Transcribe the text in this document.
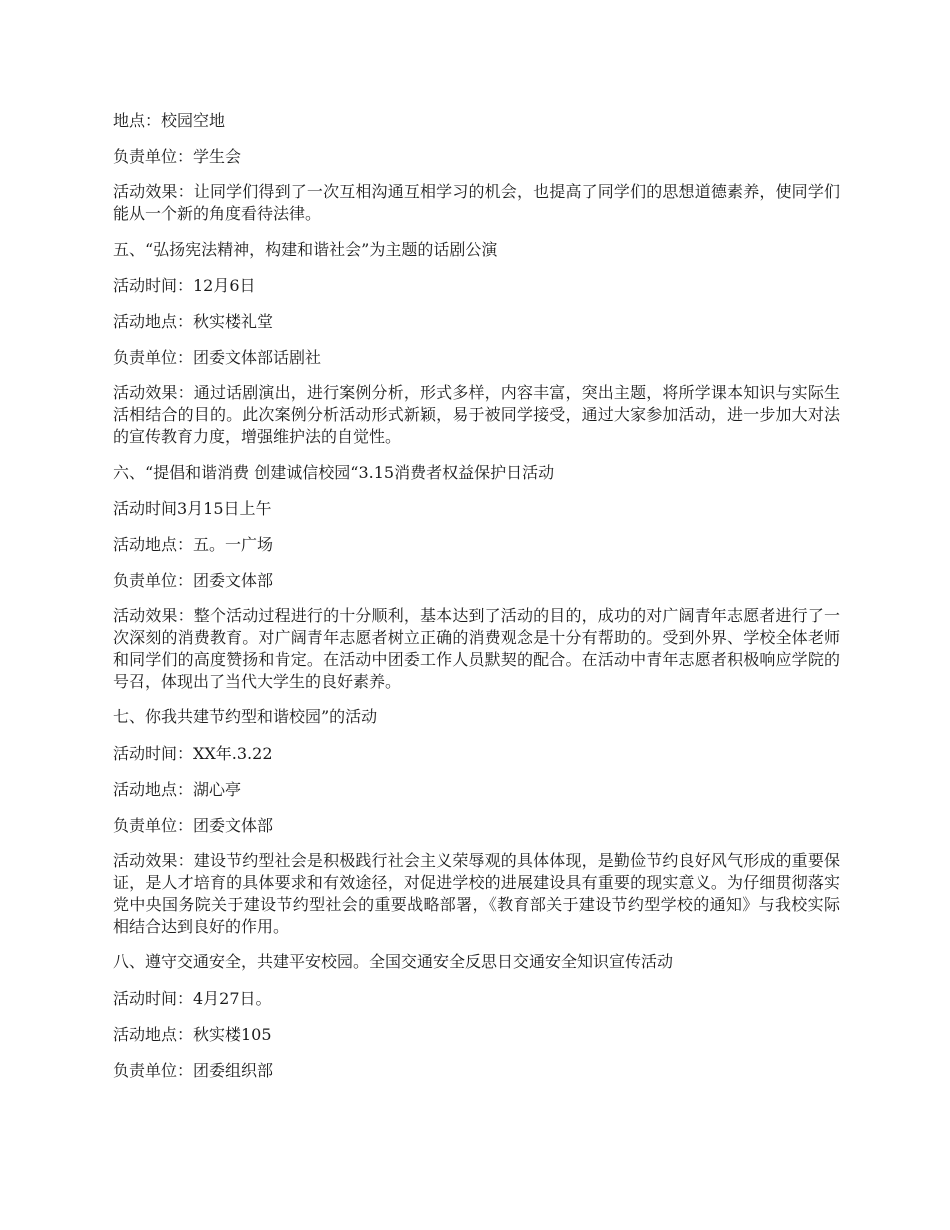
地点：校园空地

负责单位：学生会

活动效果：让同学们得到了一次互相沟通互相学习的机会，也提高了同学们的思想道德素养，使同学们能从一个新的角度看待法律。

五、“弘扬宪法精神，构建和谐社会”为主题的话剧公演

活动时间：12月6日

活动地点：秋实楼礼堂

负责单位：团委文体部话剧社

活动效果：通过话剧演出，进行案例分析，形式多样，内容丰富，突出主题，将所学课本知识与实际生活相结合的目的。此次案例分析活动形式新颖，易于被同学接受，通过大家参加活动，进一步加大对法的宣传教育力度，增强维护法的自觉性。

六、“提倡和谐消费 创建诚信校园“3.15消费者权益保护日活动

活动时间3月15日上午

活动地点：五。一广场

负责单位：团委文体部

活动效果：整个活动过程进行的十分顺利，基本达到了活动的目的，成功的对广阔青年志愿者进行了一次深刻的消费教育。对广阔青年志愿者树立正确的消费观念是十分有帮助的。受到外界、学校全体老师和同学们的高度赞扬和肯定。在活动中团委工作人员默契的配合。在活动中青年志愿者积极响应学院的号召，体现出了当代大学生的良好素养。

七、你我共建节约型和谐校园”的活动

活动时间：XX年.3.22

活动地点：湖心亭

负责单位：团委文体部

活动效果：建设节约型社会是积极践行社会主义荣辱观的具体体现，是勤俭节约良好风气形成的重要保证，是人才培育的具体要求和有效途径，对促进学校的进展建设具有重要的现实意义。为仔细贯彻落实党中央国务院关于建设节约型社会的重要战略部署，《教育部关于建设节约型学校的通知》与我校实际相结合达到良好的作用。

八、遵守交通安全，共建平安校园。全国交通安全反思日交通安全知识宣传活动

活动时间：4月27日。

活动地点：秋实楼105

负责单位：团委组织部
